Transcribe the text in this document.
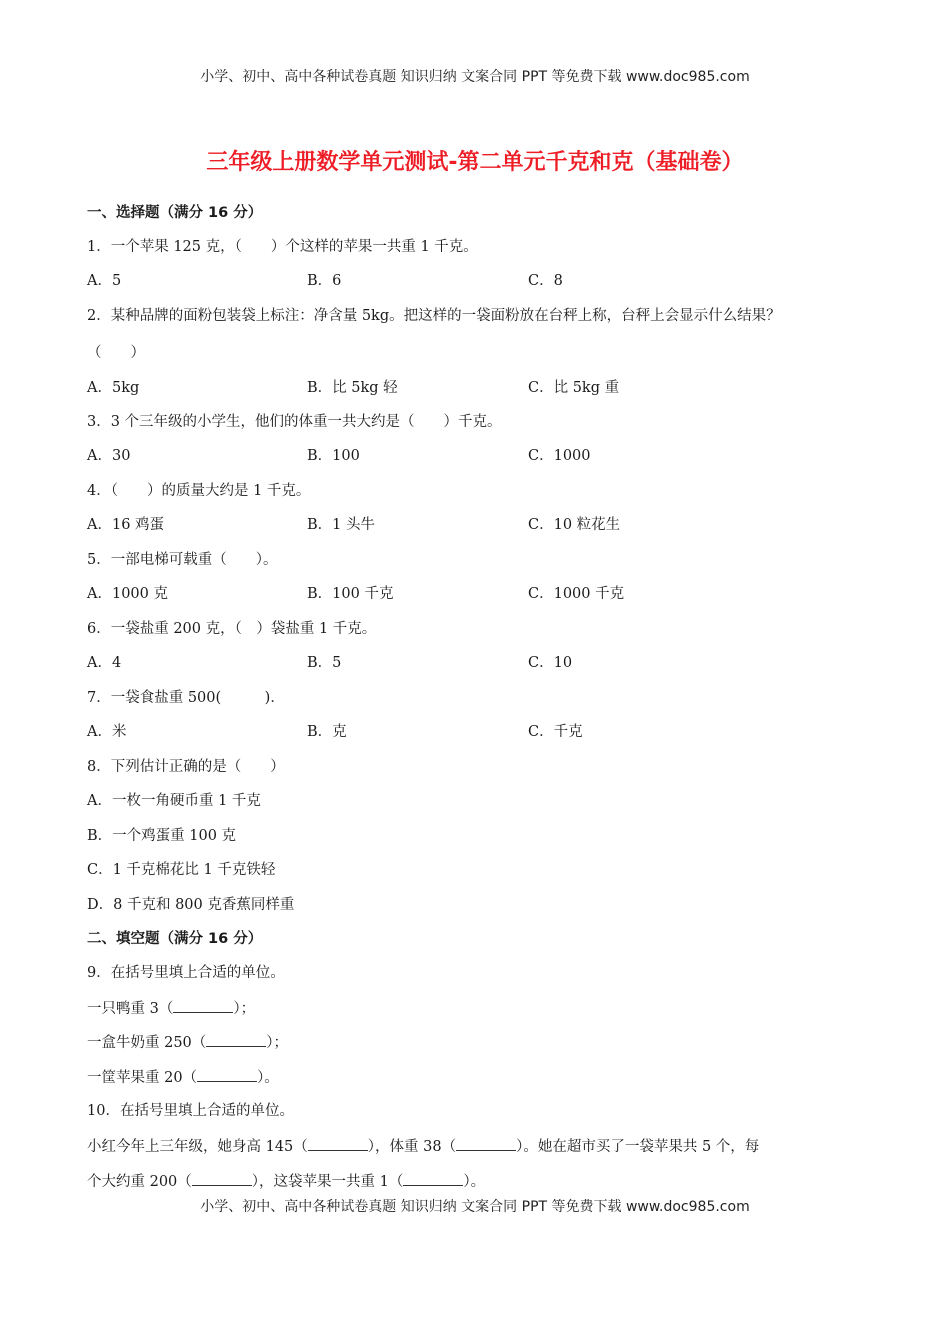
小学、初中、高中各种试卷真题 知识归纳 文案合同 PPT 等免费下载 www.doc985.com
三年级上册数学单元测试-第二单元千克和克（基础卷）
一、选择题（满分 16 分）
1．一个苹果 125 克，（　　）个这样的苹果一共重 1 千克。
A．5	B．6	C．8
2．某种品牌的面粉包装袋上标注：净含量 5kg。把这样的一袋面粉放在台秤上称，台秤上会显示什么结果？
（　　）
A．5kg	B．比 5kg 轻	C．比 5kg 重
3．3 个三年级的小学生，他们的体重一共大约是（　　）千克。
A．30	B．100	C．1000
4．（　　）的质量大约是 1 千克。
A．16 鸡蛋	B．1 头牛	C．10 粒花生
5．一部电梯可载重（　　）。
A．1000 克	B．100 千克	C．1000 千克
6．一袋盐重 200 克，（　）袋盐重 1 千克。
A．4	B．5	C．10
7．一袋食盐重 500(　　　)．
A．米	B．克	C．千克
8．下列估计正确的是（　　）
A．一枚一角硬币重 1 千克
B．一个鸡蛋重 100 克
C．1 千克棉花比 1 千克铁轻
D．8 千克和 800 克香蕉同样重
二、填空题（满分 16 分）
9．在括号里填上合适的单位。
一只鸭重 3（	）；
一盒牛奶重 250（	）；
一筐苹果重 20（	）。
10．在括号里填上合适的单位。
小红今年上三年级，她身高 145（	），体重 38（	）。她在超市买了一袋苹果共 5 个，每
个大约重 200（	），这袋苹果一共重 1（	）。
小学、初中、高中各种试卷真题 知识归纳 文案合同 PPT 等免费下载 www.doc985.com
